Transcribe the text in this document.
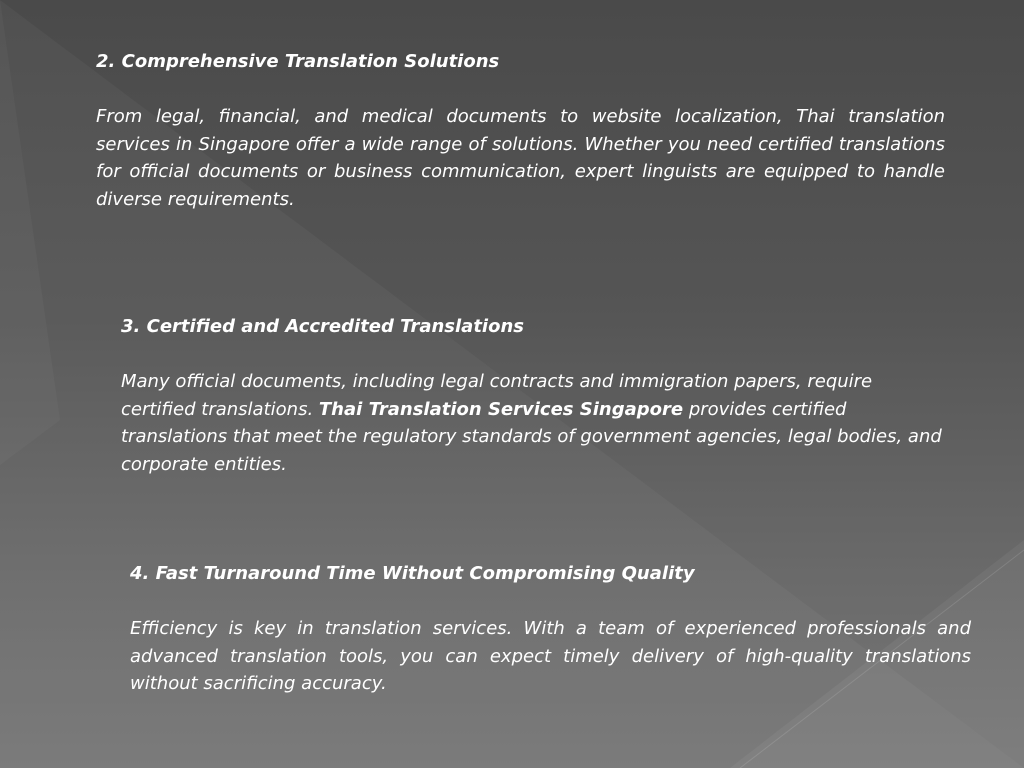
2. Comprehensive Translation Solutions

From legal, financial, and medical documents to website localization, Thai translation services in Singapore offer a wide range of solutions. Whether you need certified translations for official documents or business communication, expert linguists are equipped to handle diverse requirements.

3. Certified and Accredited Translations

Many official documents, including legal contracts and immigration papers, require certified translations. Thai Translation Services Singapore provides certified translations that meet the regulatory standards of government agencies, legal bodies, and corporate entities.

4. Fast Turnaround Time Without Compromising Quality

Efficiency is key in translation services. With a team of experienced professionals and advanced translation tools, you can expect timely delivery of high-quality translations without sacrificing accuracy.
